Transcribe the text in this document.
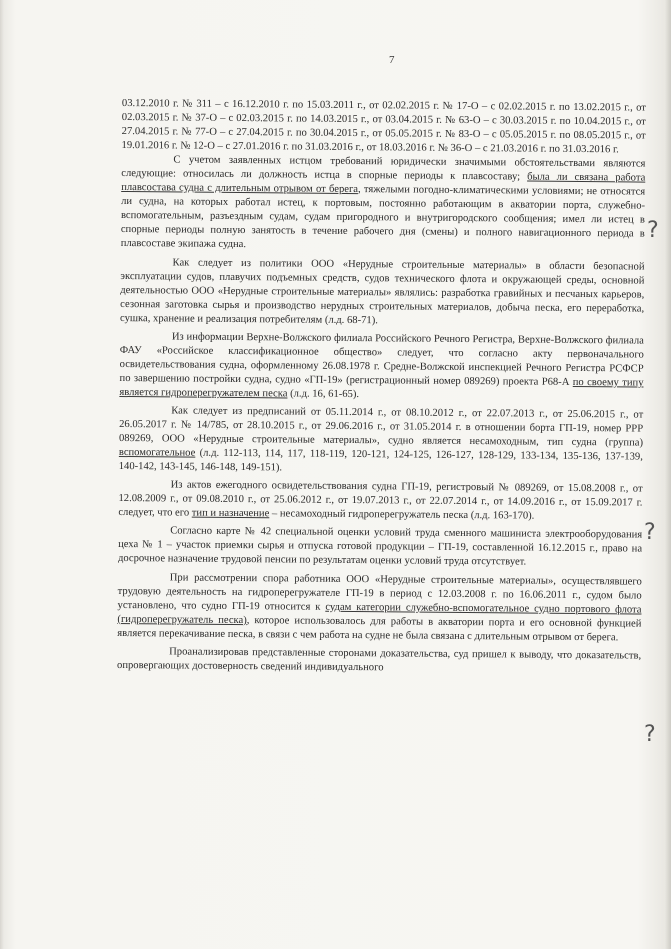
7

03.12.2010 г. № 311 – с 16.12.2010 г. по 15.03.2011 г., от 02.02.2015 г. № 17-О – с 02.02.2015 г. по 13.02.2015 г., от 02.03.2015 г. № 37-О – с 02.03.2015 г. по 14.03.2015 г., от 03.04.2015 г. № 63-О – с 30.03.2015 г. по 10.04.2015 г., от 27.04.2015 г. № 77-О – с 27.04.2015 г. по 30.04.2015 г., от 05.05.2015 г. № 83-О – с 05.05.2015 г. по 08.05.2015 г., от 19.01.2016 г. № 12-О – с 27.01.2016 г. по 31.03.2016 г., от 18.03.2016 г. № 36-О – с 21.03.2016 г. по 31.03.2016 г.

С учетом заявленных истцом требований юридически значимыми обстоятельствами являются следующие: относилась ли должность истца в спорные периоды к плавсоставу; была ли связана работа плавсостава судна с длительным отрывом от берега, тяжелыми погодно-климатическими условиями; не относятся ли судна, на которых работал истец, к портовым, постоянно работающим в акватории порта, служебно-вспомогательным, разъездным судам, судам пригородного и внутригородского сообщения; имел ли истец в спорные периоды полную занятость в течение рабочего дня (смены) и полного навигационного периода в плавсоставе экипажа судна.

Как следует из политики ООО «Нерудные строительные материалы» в области безопасной эксплуатации судов, плавучих подъемных средств, судов технического флота и окружающей среды, основной деятельностью ООО «Нерудные строительные материалы» являлись: разработка гравийных и песчаных карьеров, сезонная заготовка сырья и производство нерудных строительных материалов, добыча песка, его переработка, сушка, хранение и реализация потребителям (л.д. 68-71).

Из информации Верхне-Волжского филиала Российского Речного Регистра, Верхне-Волжского филиала ФАУ «Российское классификационное общество» следует, что согласно акту первоначального освидетельствования судна, оформленному 26.08.1978 г. Средне-Волжской инспекцией Речного Регистра РСФСР по завершению постройки судна, судно «ГП-19» (регистрационный номер 089269) проекта Р68-А по своему типу является гидроперегружателем песка (л.д. 16, 61-65).

Как следует из предписаний от 05.11.2014 г., от 08.10.2012 г., от 22.07.2013 г., от 25.06.2015 г., от 26.05.2017 г. № 14/785, от 28.10.2015 г., от 29.06.2016 г., от 31.05.2014 г. в отношении борта ГП-19, номер РРР 089269, ООО «Нерудные строительные материалы», судно является несамоходным, тип судна (группа) вспомогательное (л.д. 112-113, 114, 117, 118-119, 120-121, 124-125, 126-127, 128-129, 133-134, 135-136, 137-139, 140-142, 143-145, 146-148, 149-151).

Из актов ежегодного освидетельствования судна ГП-19, регистровый № 089269, от 15.08.2008 г., от 12.08.2009 г., от 09.08.2010 г., от 25.06.2012 г., от 19.07.2013 г., от 22.07.2014 г., от 14.09.2016 г., от 15.09.2017 г. следует, что его тип и назначение – несамоходный гидроперегружатель песка (л.д. 163-170).

Согласно карте № 42 специальной оценки условий труда сменного машиниста электрооборудования цеха № 1 – участок приемки сырья и отпуска готовой продукции – ГП-19, составленной 16.12.2015 г., право на досрочное назначение трудовой пенсии по результатам оценки условий труда отсутствует.

При рассмотрении спора работника ООО «Нерудные строительные материалы», осуществлявшего трудовую деятельность на гидроперегружателе ГП-19 в период с 12.03.2008 г. по 16.06.2011 г., судом было установлено, что судно ГП-19 относится к судам категории служебно-вспомогательное судно портового флота (гидроперегружатель песка), которое использовалось для работы в акватории порта и его основной функцией является перекачивание песка, в связи с чем работа на судне не была связана с длительным отрывом от берега.

Проанализировав представленные сторонами доказательства, суд пришел к выводу, что доказательств, опровергающих достоверность сведений индивидуального

?
?
?
